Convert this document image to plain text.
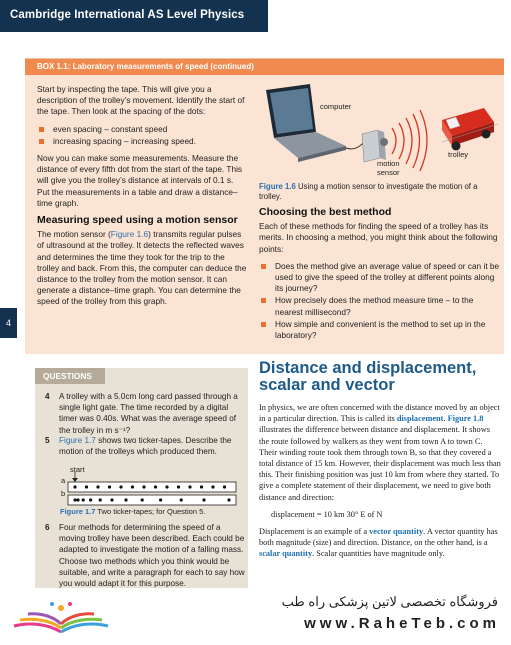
Cambridge International AS Level Physics
4
BOX 1.1: Laboratory measurements of speed (continued)

Start by inspecting the tape. This will give you a description of the trolley’s movement. Identify the start of the tape. Then look at the spacing of the dots:

even spacing – constant speed
increasing spacing – increasing speed.

Now you can make some measurements. Measure the distance of every fifth dot from the start of the tape. This will give you the trolley’s distance at intervals of 0.1 s. Put the measurements in a table and draw a distance–time graph.

Measuring speed using a motion sensor

The motion sensor (Figure 1.6) transmits regular pulses of ultrasound at the trolley. It detects the reflected waves and determines the time they took for the trip to the trolley and back. From this, the computer can deduce the distance to the trolley from the motion sensor. It can generate a distance–time graph. You can determine the speed of the trolley from this graph.

computer
trolley
motion
sensor
Figure 1.6 Using a motion sensor to investigate the motion of a trolley.
Choosing the best method

Each of these methods for finding the speed of a trolley has its merits. In choosing a method, you might think about the following points:

Does the method give an average value of speed or can it be used to give the speed of the trolley at different points along its journey?
How precisely does the method measure time – to the nearest millisecond?
How simple and convenient is the method to set up in the laboratory?
QUESTIONS
4 A trolley with a 5.0cm long card passed through a single light gate. The time recorded by a digital timer was 0.40s. What was the average speed of the trolley in m s⁻¹?
5 Figure 1.7 shows two ticker-tapes. Describe the motion of the trolleys which produced them.
start
a
b
Figure 1.7 Two ticker-tapes; for Question 5.
6 Four methods for determining the speed of a moving trolley have been described. Each could be adapted to investigate the motion of a falling mass. Choose two methods which you think would be suitable, and write a paragraph for each to say how you would adapt it for this purpose.
Distance and displacement, scalar and vector

In physics, we are often concerned with the distance moved by an object in a particular direction. This is called its displacement. Figure 1.8 illustrates the difference between distance and displacement. It shows the route followed by walkers as they went from town A to town C. Their winding route took them through town B, so that they covered a total distance of 15 km. However, their displacement was much less than this. Their finishing position was just 10 km from where they started. To give a complete statement of their displacement, we need to give both distance and direction:

displacement = 10 km 30° E of N

Displacement is an example of a vector quantity. A vector quantity has both magnitude (size) and direction. Distance, on the other hand, is a scalar quantity. Scalar quantities have magnitude only.

فروشگاه تخصصی لاتین پزشکی راه طب
www.RaheTeb.com
